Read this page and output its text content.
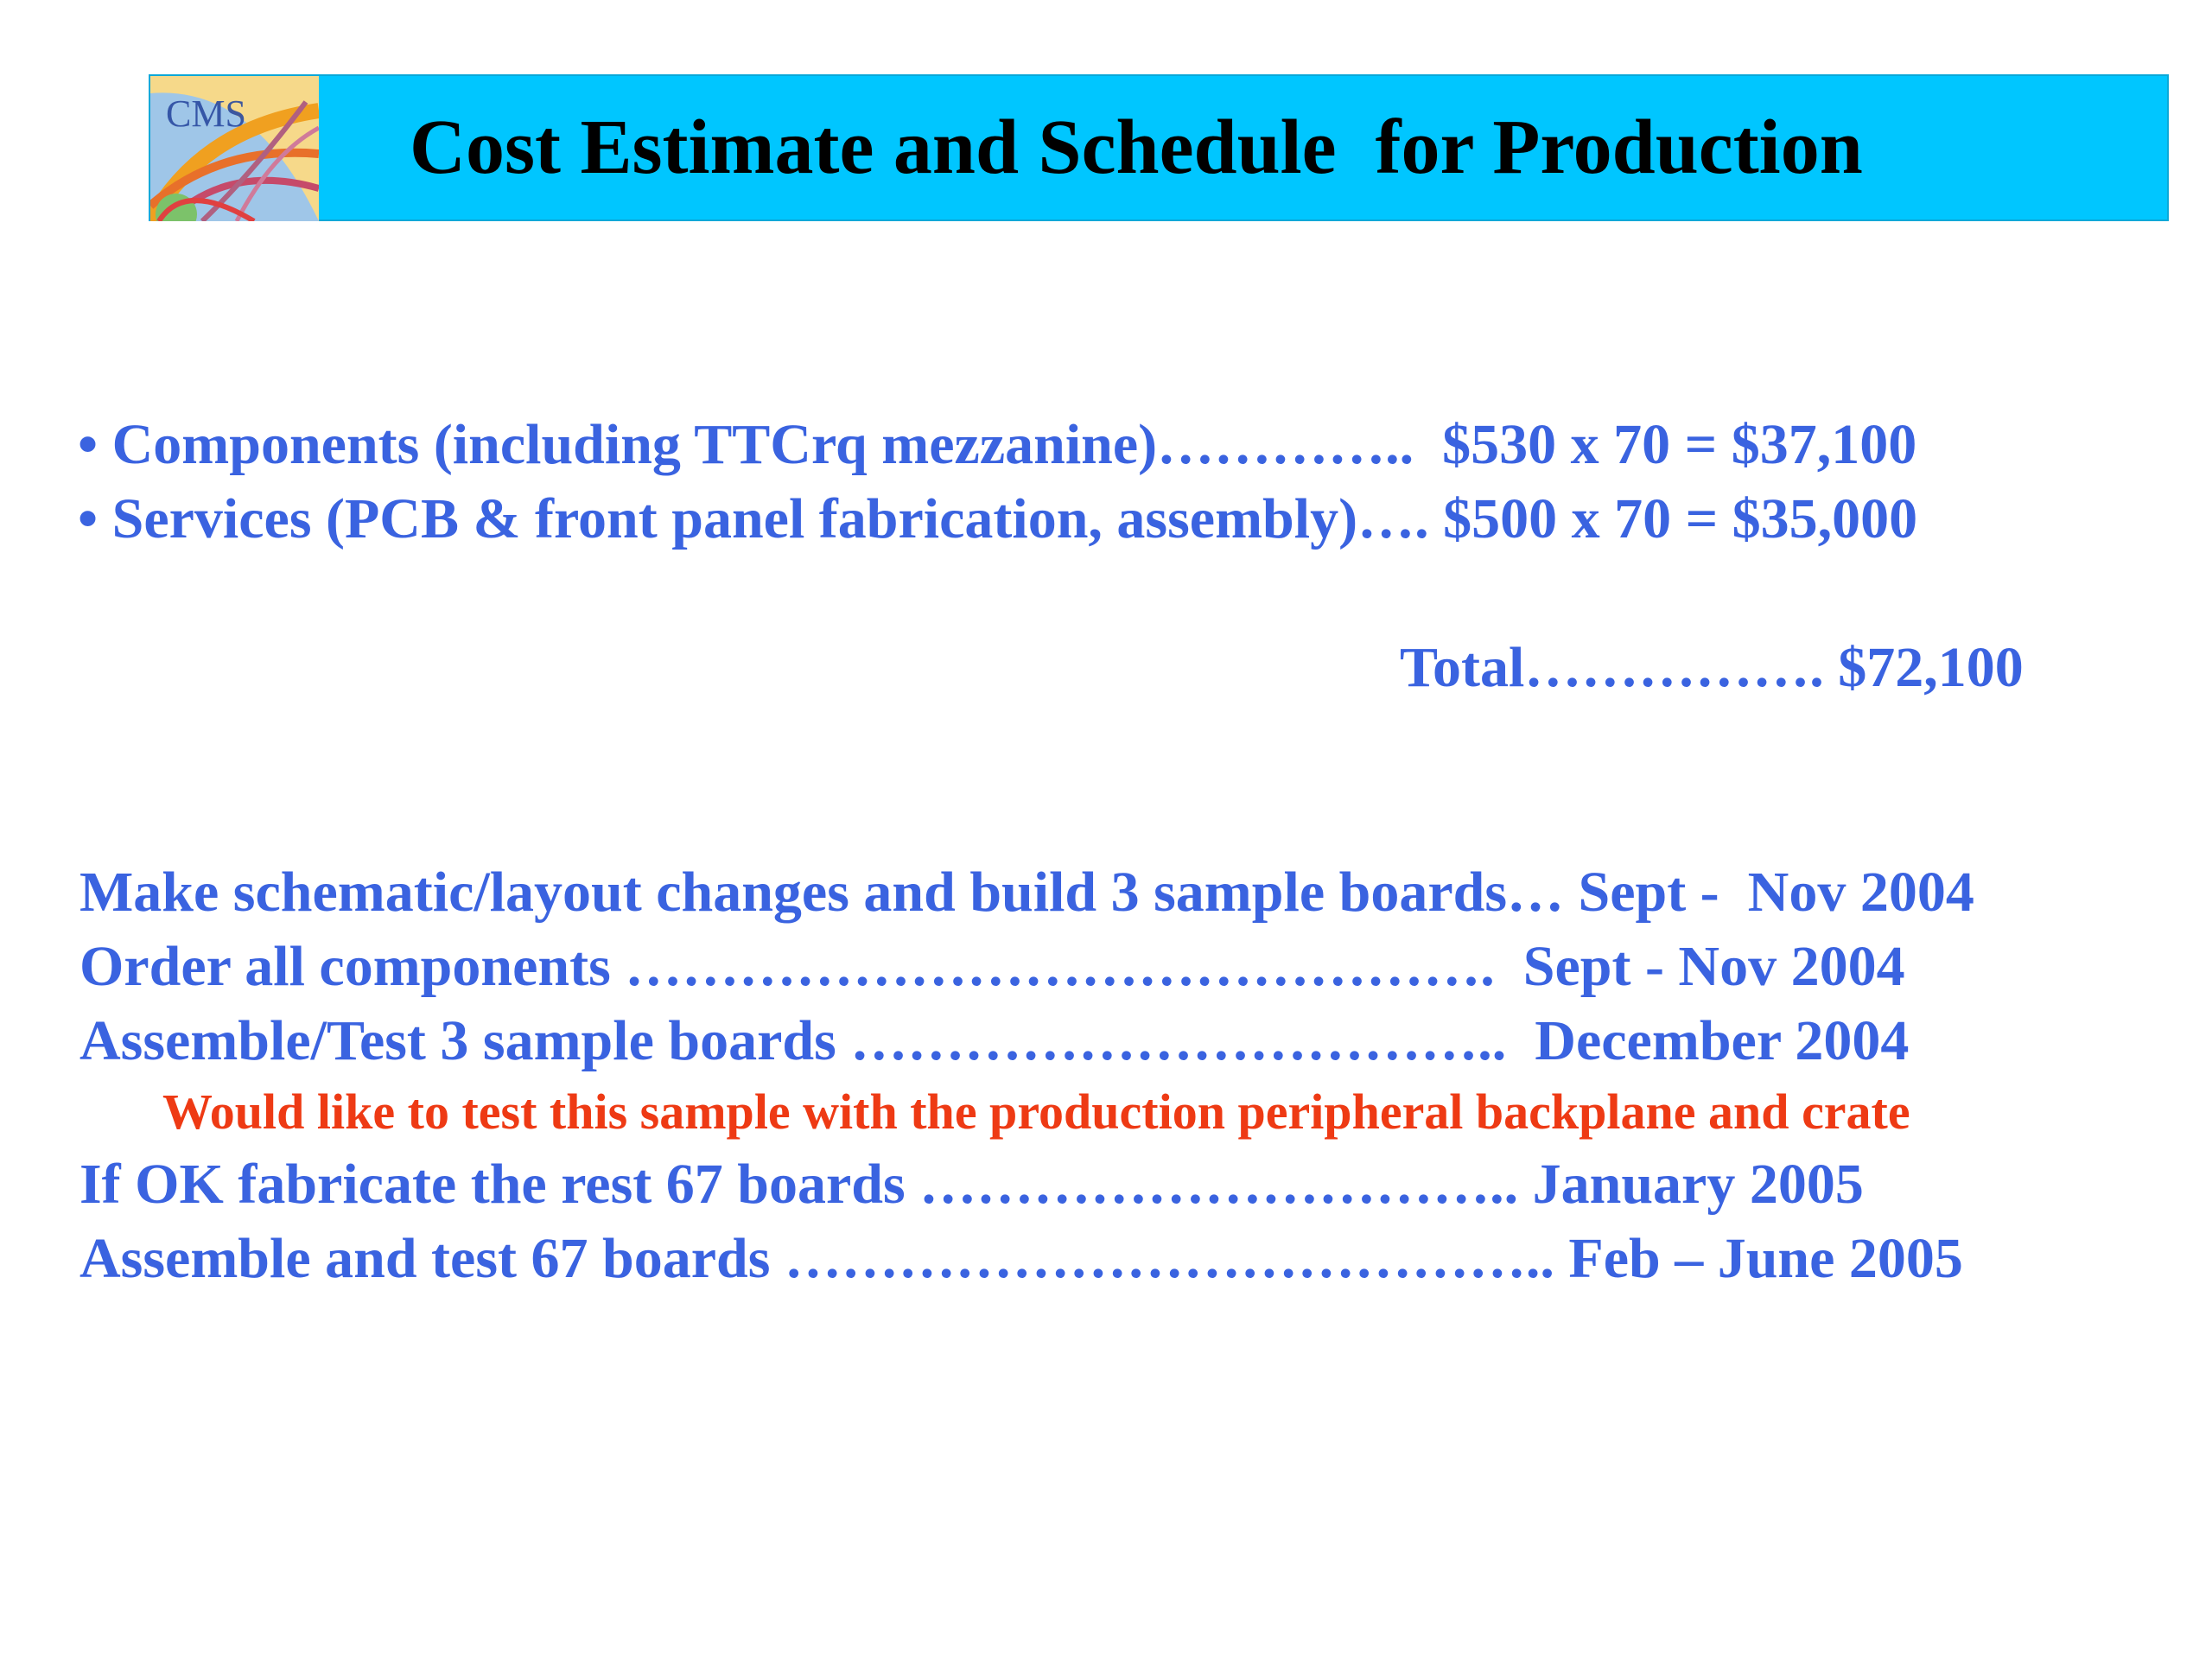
CMS Cost Estimate and Schedule  for Production
• Components (including TTCrq mezzanine)…………..  $530 x 70 = $37,100
• Services (PCB & front panel fabrication, assembly)…. $500 x 70 = $35,000
Total……………. $72,100
Make schematic/layout changes and build 3 sample boards… Sept -  Nov 2004
Order all components ……………………………………….  Sept - Nov 2004
Assemble/Test 3 sample boards ……………………………..  December 2004
Would like to test this sample with the production peripheral backplane and crate
If OK fabricate the rest 67 boards ………………………….. January 2005
Assemble and test 67 boards ………………………………….. Feb – June 2005
